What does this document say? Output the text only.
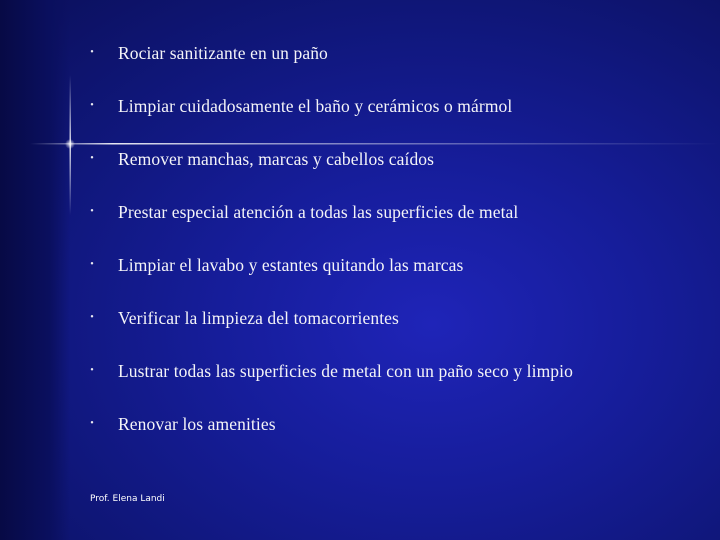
• Rociar sanitizante en un paño
• Limpiar cuidadosamente el baño y cerámicos o mármol
• Remover manchas, marcas y cabellos caídos
• Prestar especial atención a todas las superficies de metal
• Limpiar el lavabo y estantes quitando las marcas
• Verificar la limpieza del tomacorrientes
• Lustrar todas las superficies de metal con un paño seco y limpio
• Renovar los amenities
Prof. Elena Landi
